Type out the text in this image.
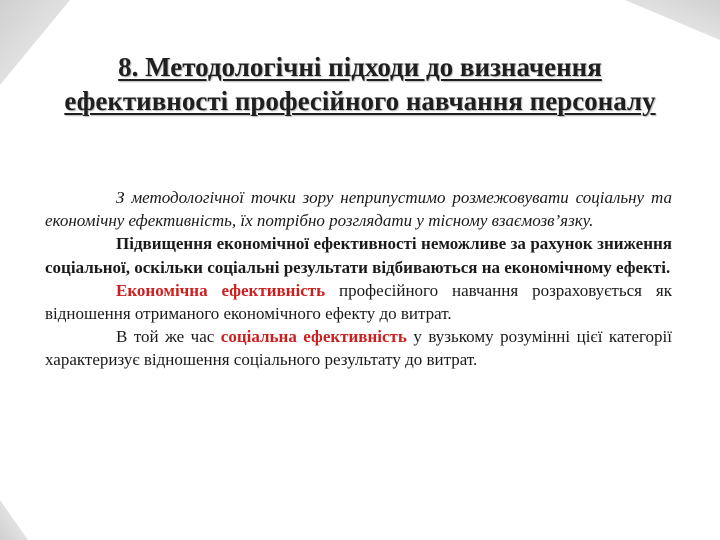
8. Методологічні підходи до визначення ефективності професійного навчання персоналу

З методологічної точки зору неприпустимо розмежовувати соціальну та економічну ефективність, їх потрібно розглядати у тісному взаємозв’язку.

Підвищення економічної ефективності неможливе за рахунок зниження соціальної, оскільки соціальні результати відбиваються на економічному ефекті.

Економічна ефективність професійного навчання розраховується як відношення отриманого економічного ефекту до витрат.

В той же час соціальна ефективність у вузькому розумінні цієї категорії характеризує відношення соціального результату до витрат.
